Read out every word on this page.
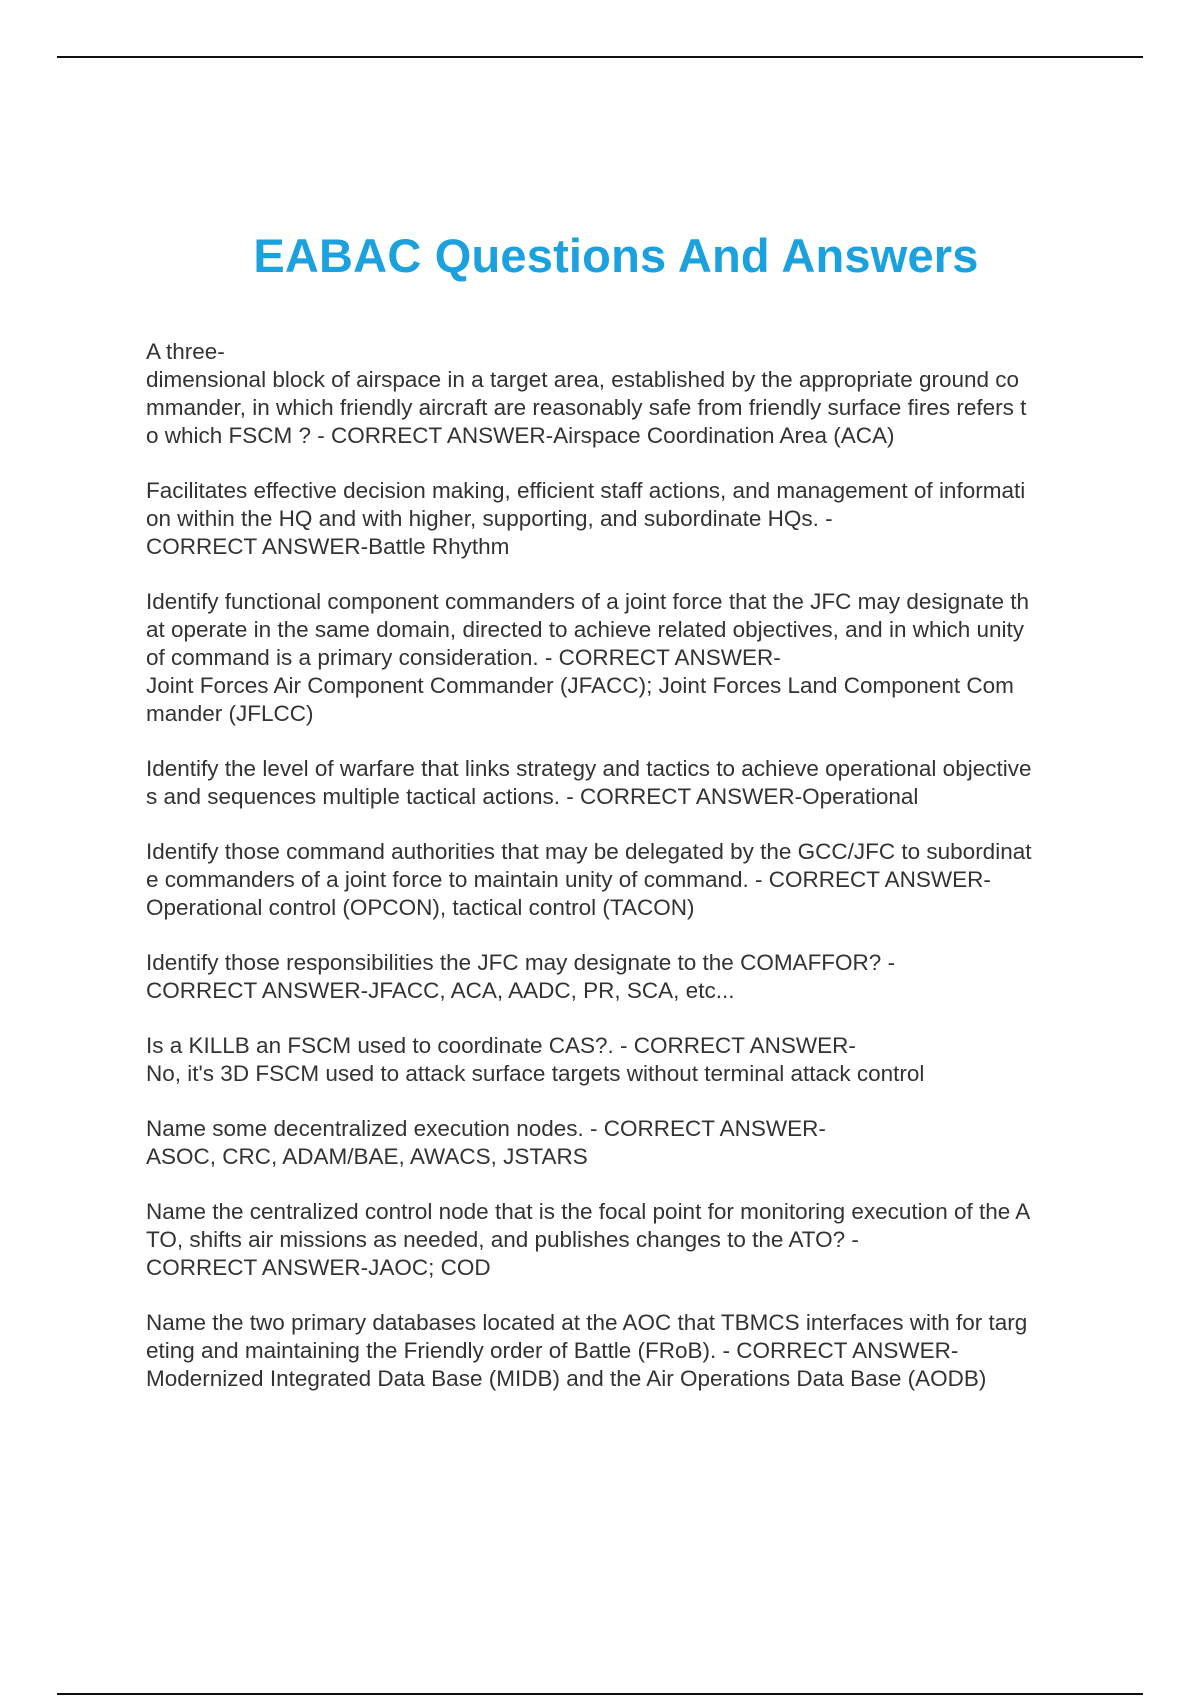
EABAC Questions And Answers

A three-
dimensional block of airspace in a target area, established by the appropriate ground co
mmander, in which friendly aircraft are reasonably safe from friendly surface fires refers t
o which FSCM ? - CORRECT ANSWER-Airspace Coordination Area (ACA)

Facilitates effective decision making, efficient staff actions, and management of informati
on within the HQ and with higher, supporting, and subordinate HQs. -
CORRECT ANSWER-Battle Rhythm

Identify functional component commanders of a joint force that the JFC may designate th
at operate in the same domain, directed to achieve related objectives, and in which unity
of command is a primary consideration. - CORRECT ANSWER-
Joint Forces Air Component Commander (JFACC); Joint Forces Land Component Com
mander (JFLCC)

Identify the level of warfare that links strategy and tactics to achieve operational objective
s and sequences multiple tactical actions. - CORRECT ANSWER-Operational

Identify those command authorities that may be delegated by the GCC/JFC to subordinat
e commanders of a joint force to maintain unity of command. - CORRECT ANSWER-
Operational control (OPCON), tactical control (TACON)

Identify those responsibilities the JFC may designate to the COMAFFOR? -
CORRECT ANSWER-JFACC, ACA, AADC, PR, SCA, etc...

Is a KILLB an FSCM used to coordinate CAS?. - CORRECT ANSWER-
No, it's 3D FSCM used to attack surface targets without terminal attack control

Name some decentralized execution nodes. - CORRECT ANSWER-
ASOC, CRC, ADAM/BAE, AWACS, JSTARS

Name the centralized control node that is the focal point for monitoring execution of the A
TO, shifts air missions as needed, and publishes changes to the ATO? -
CORRECT ANSWER-JAOC; COD

Name the two primary databases located at the AOC that TBMCS interfaces with for targ
eting and maintaining the Friendly order of Battle (FRoB). - CORRECT ANSWER-
Modernized Integrated Data Base (MIDB) and the Air Operations Data Base (AODB)
